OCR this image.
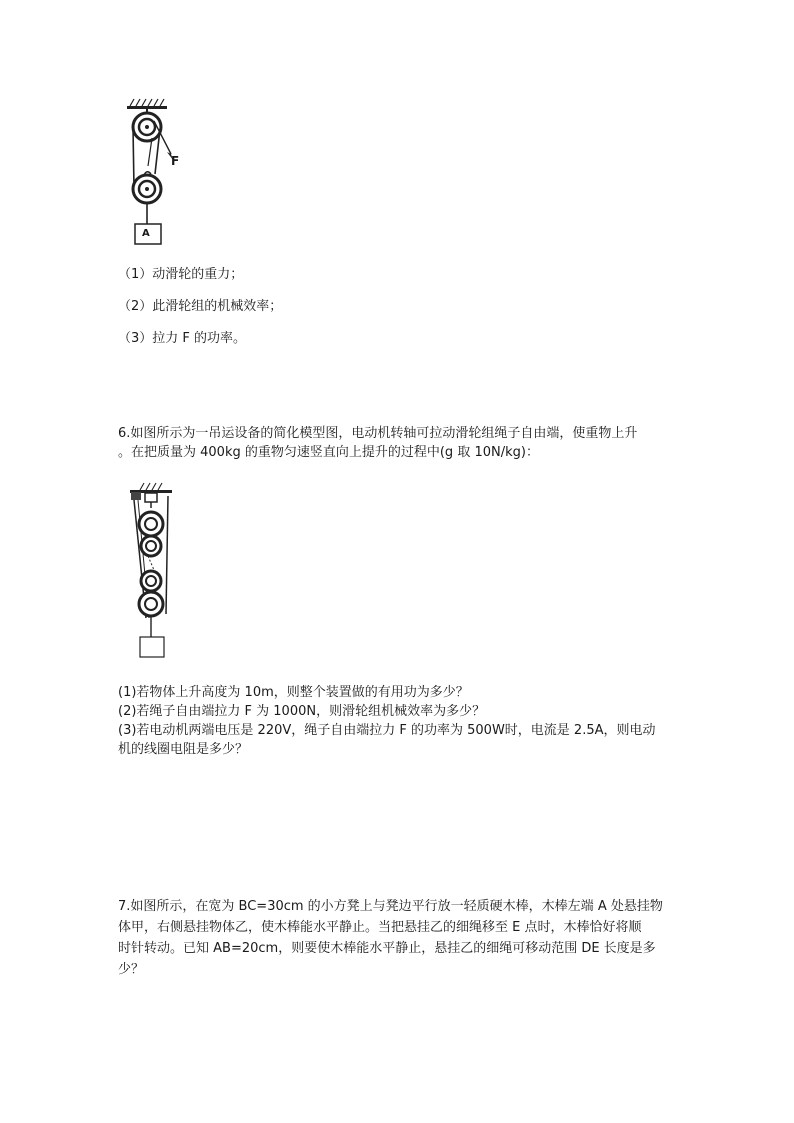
F
A
（1）动滑轮的重力；
（2）此滑轮组的机械效率；
（3）拉力 F 的功率。
6.如图所示为一吊运设备的简化模型图，电动机转轴可拉动滑轮组绳子自由端，使重物上升
。在把质量为 400kg 的重物匀速竖直向上提升的过程中(g 取 10N/kg)：
(1)若物体上升高度为 10m，则整个装置做的有用功为多少？
(2)若绳子自由端拉力 F 为 1000N，则滑轮组机械效率为多少？
(3)若电动机两端电压是 220V，绳子自由端拉力 F 的功率为 500W时，电流是 2.5A，则电动
机的线圈电阻是多少？
7.如图所示，在宽为 BC=30cm 的小方凳上与凳边平行放一轻质硬木棒，木棒左端 A 处悬挂物
体甲，右侧悬挂物体乙，使木棒能水平静止。当把悬挂乙的细绳移至 E 点时，木棒恰好将顺
时针转动。已知 AB=20cm，则要使木棒能水平静止，悬挂乙的细绳可移动范围 DE 长度是多
少？
